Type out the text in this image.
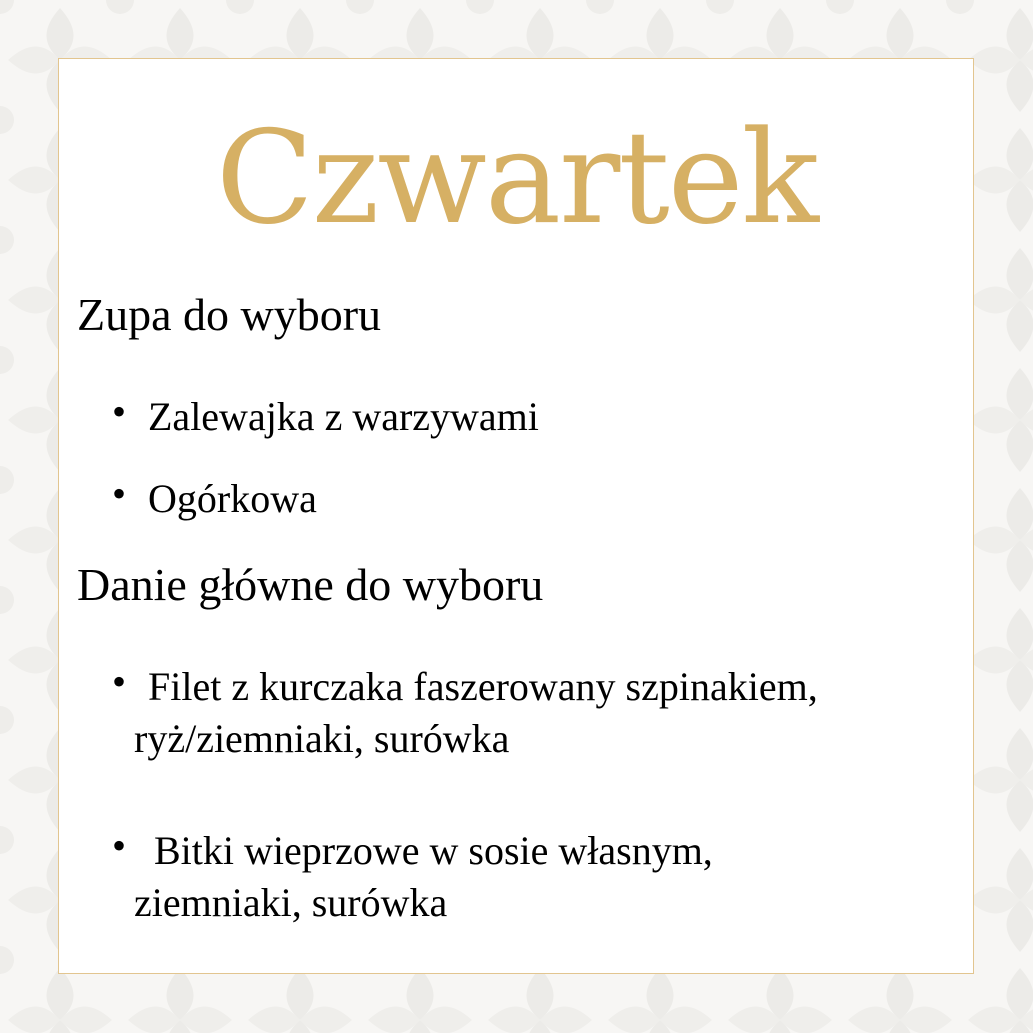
Czwartek
Zupa do wyboru

• Zalewajka z warzywami

• Ogórkowa

Danie główne do wyboru

• Filet z kurczaka faszerowany szpinakiem,

ryż/ziemniaki, surówka

• Bitki wieprzowe w sosie własnym,

ziemniaki, surówka
